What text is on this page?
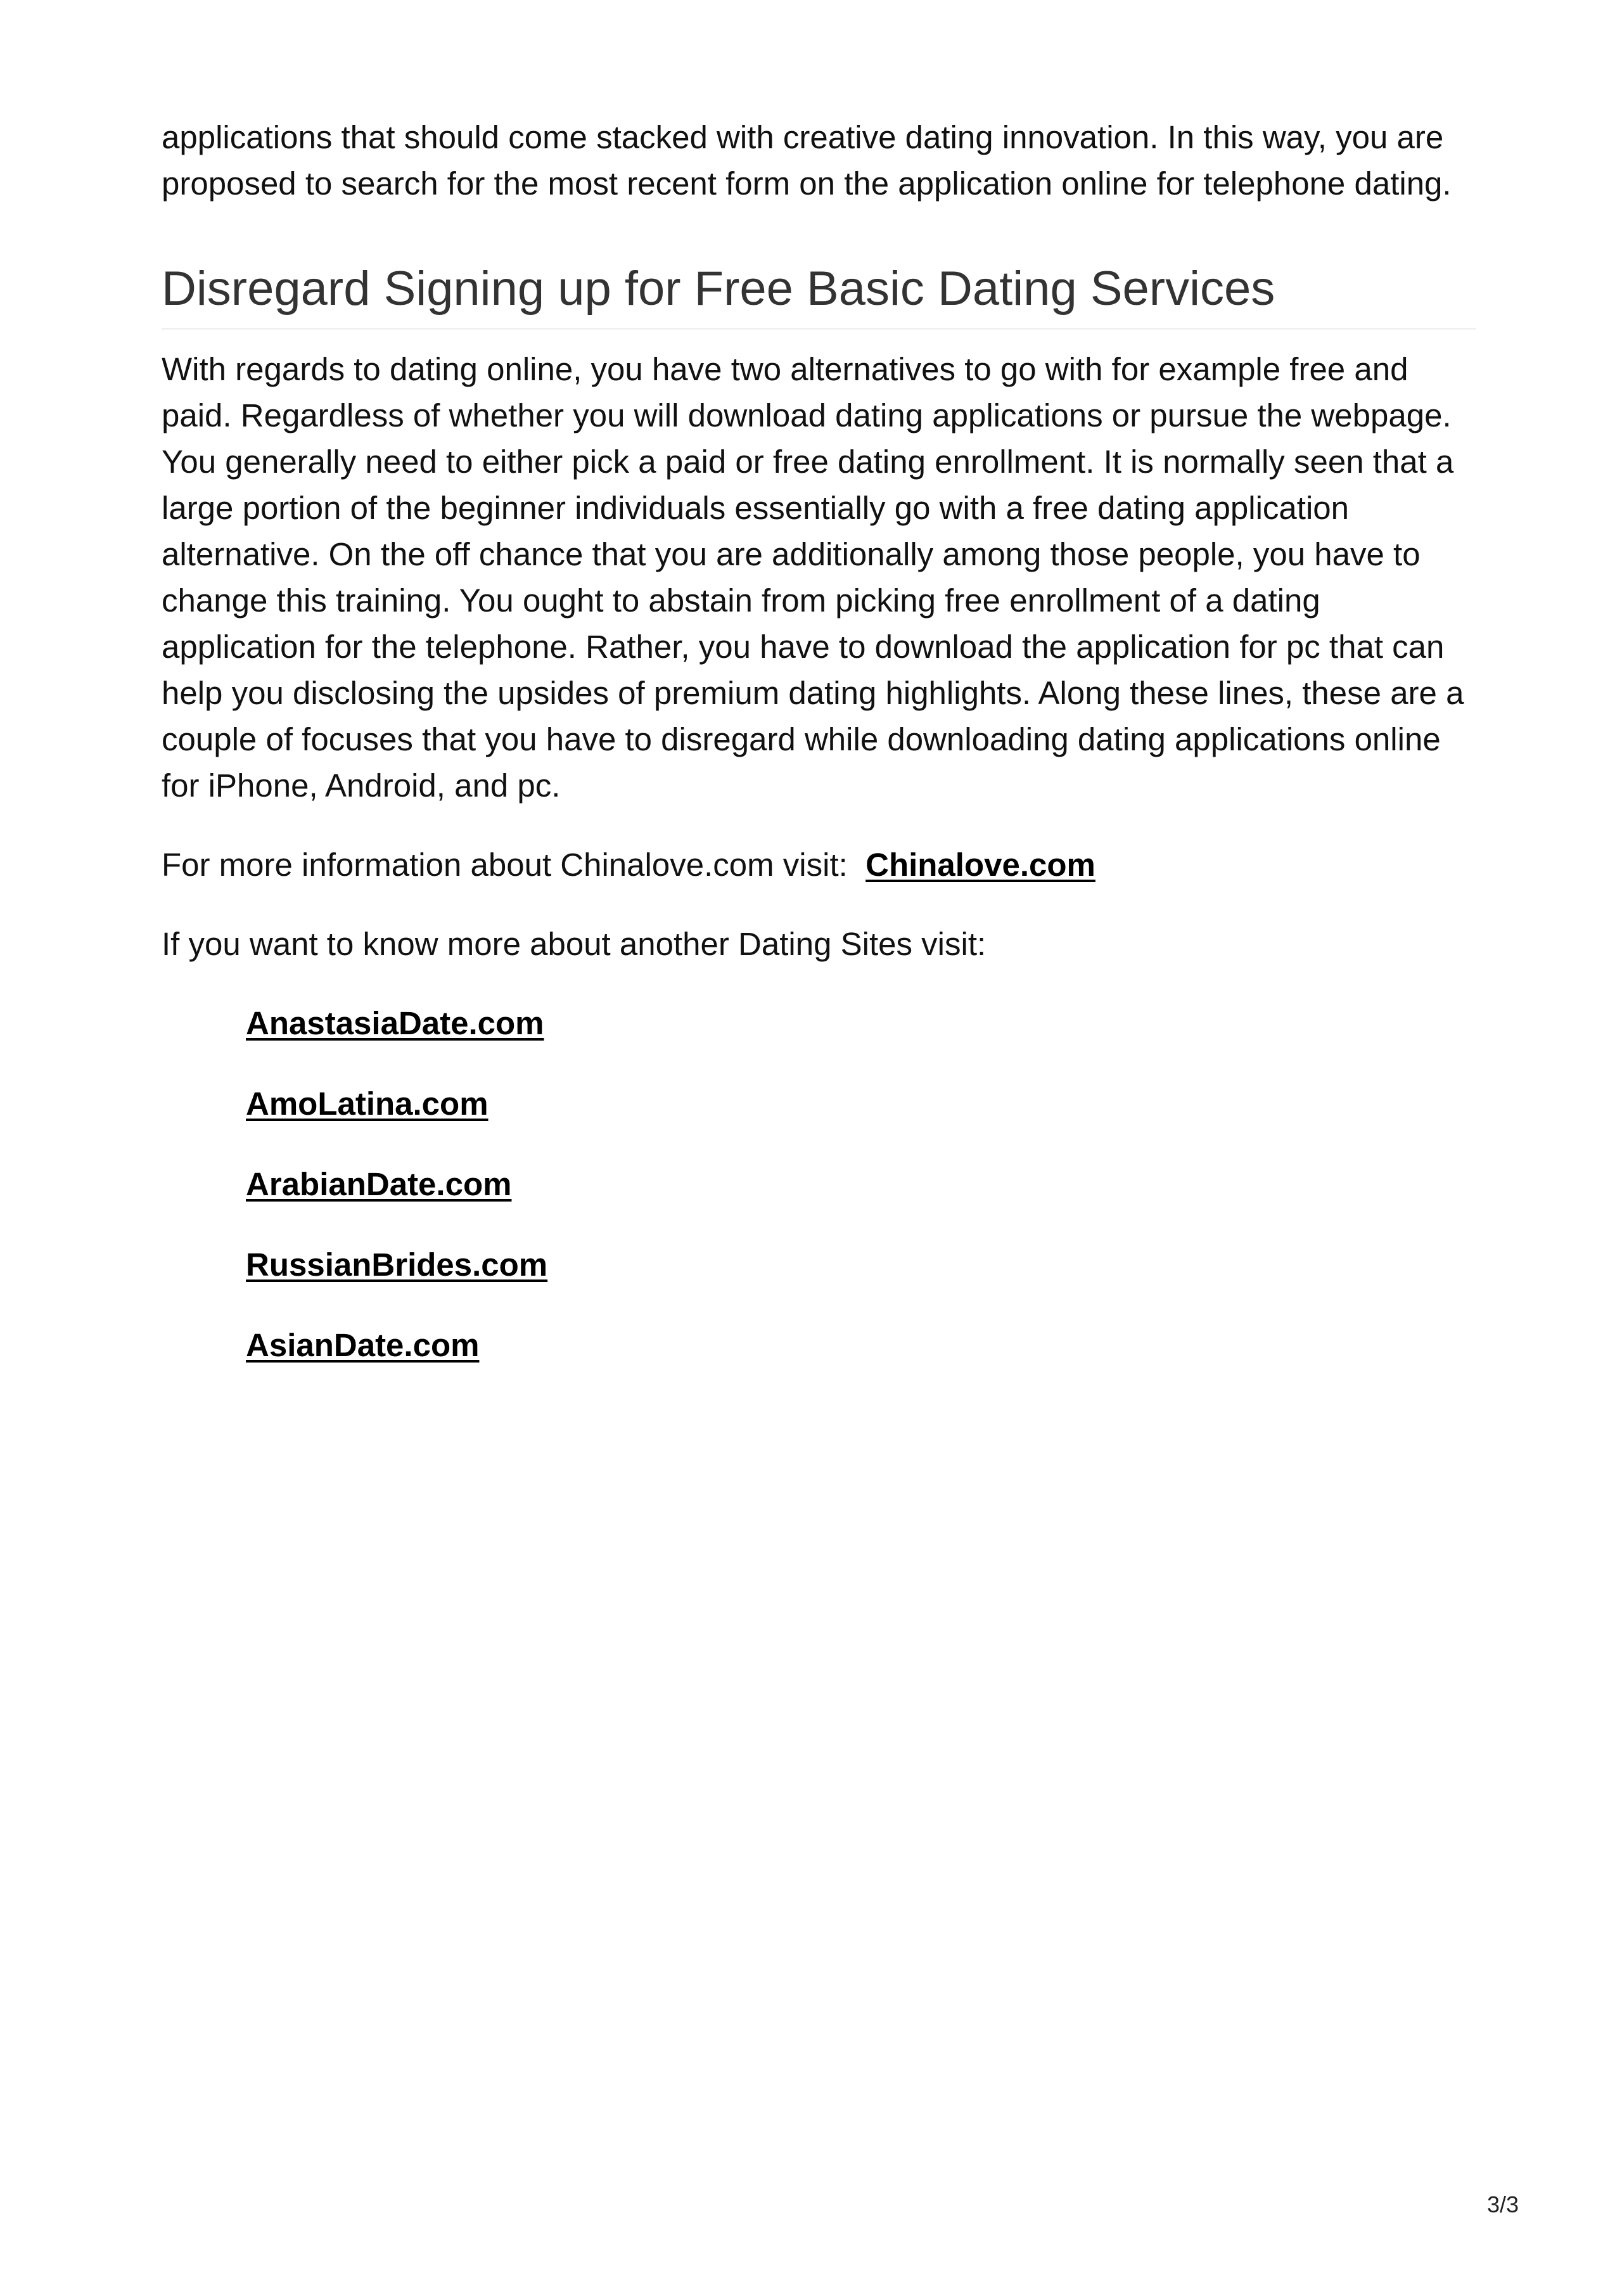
applications that should come stacked with creative dating innovation. In this way, you are proposed to search for the most recent form on the application online for telephone dating.

Disregard Signing up for Free Basic Dating Services

With regards to dating online, you have two alternatives to go with for example free and paid. Regardless of whether you will download dating applications or pursue the webpage. You generally need to either pick a paid or free dating enrollment. It is normally seen that a large portion of the beginner individuals essentially go with a free dating application alternative. On the off chance that you are additionally among those people, you have to change this training. You ought to abstain from picking free enrollment of a dating application for the telephone. Rather, you have to download the application for pc that can help you disclosing the upsides of premium dating highlights. Along these lines, these are a couple of focuses that you have to disregard while downloading dating applications online for iPhone, Android, and pc.

For more information about Chinalove.com visit: Chinalove.com

If you want to know more about another Dating Sites visit:

AnastasiaDate.com
AmoLatina.com
ArabianDate.com
RussianBrides.com
AsianDate.com
3/3
